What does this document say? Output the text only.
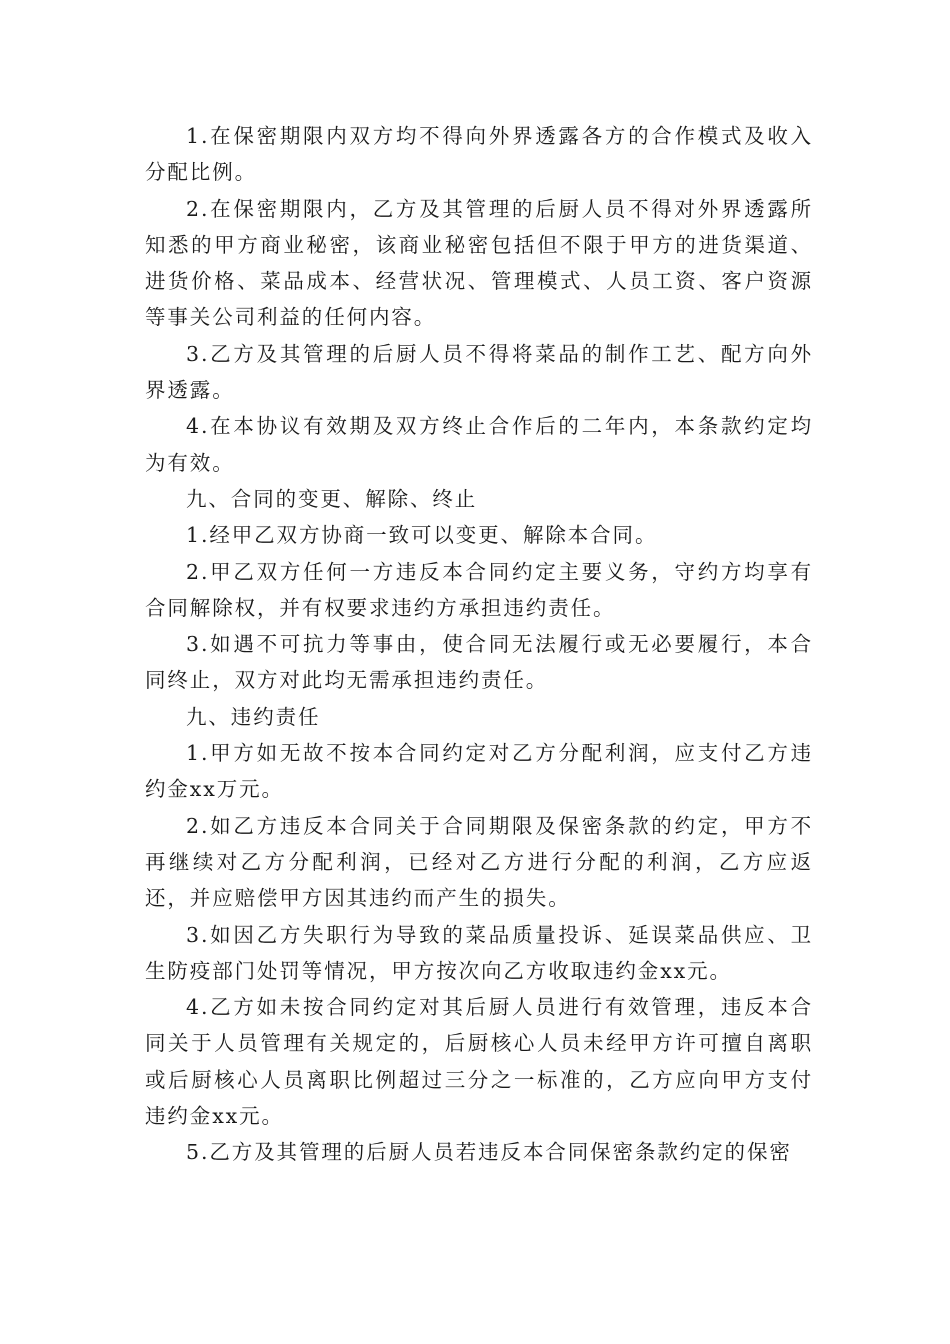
1.在保密期限内双方均不得向外界透露各方的合作模式及收入分配比例。

2.在保密期限内，乙方及其管理的后厨人员不得对外界透露所知悉的甲方商业秘密，该商业秘密包括但不限于甲方的进货渠道、进货价格、菜品成本、经营状况、管理模式、人员工资、客户资源等事关公司利益的任何内容。

3.乙方及其管理的后厨人员不得将菜品的制作工艺、配方向外界透露。

4.在本协议有效期及双方终止合作后的二年内，本条款约定均为有效。

九、合同的变更、解除、终止

1.经甲乙双方协商一致可以变更、解除本合同。

2.甲乙双方任何一方违反本合同约定主要义务，守约方均享有合同解除权，并有权要求违约方承担违约责任。

3.如遇不可抗力等事由，使合同无法履行或无必要履行，本合同终止，双方对此均无需承担违约责任。

九、违约责任

1.甲方如无故不按本合同约定对乙方分配利润，应支付乙方违约金xx万元。

2.如乙方违反本合同关于合同期限及保密条款的约定，甲方不再继续对乙方分配利润，已经对乙方进行分配的利润，乙方应返还，并应赔偿甲方因其违约而产生的损失。

3.如因乙方失职行为导致的菜品质量投诉、延误菜品供应、卫生防疫部门处罚等情况，甲方按次向乙方收取违约金xx元。

4.乙方如未按合同约定对其后厨人员进行有效管理，违反本合同关于人员管理有关规定的，后厨核心人员未经甲方许可擅自离职或后厨核心人员离职比例超过三分之一标准的，乙方应向甲方支付违约金xx元。

5.乙方及其管理的后厨人员若违反本合同保密条款约定的保密
